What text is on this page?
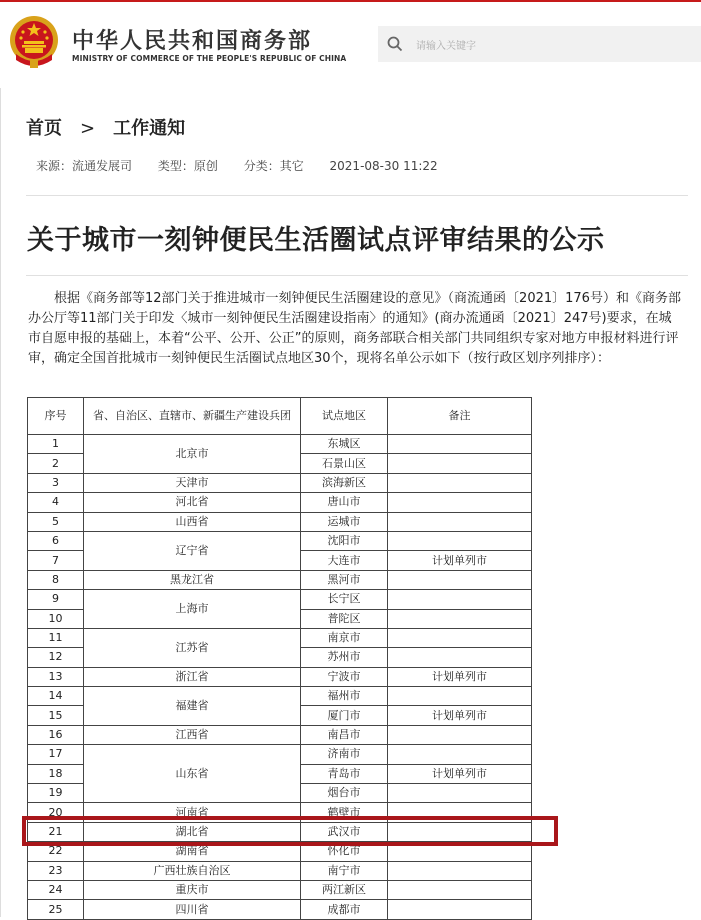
中华人民共和国商务部
MINISTRY OF COMMERCE OF THE PEOPLE'S REPUBLIC OF CHINA
请输入关键字
首页 > 工作通知
来源：流通发展司 类型：原创 分类：其它 2021-08-30 11:22
关于城市一刻钟便民生活圈试点评审结果的公示
根据《商务部等12部门关于推进城市一刻钟便民生活圈建设的意见》（商流通函〔2021〕176号）和《商务部办公厅等11部门关于印发〈城市一刻钟便民生活圈建设指南〉的通知》(商办流通函〔2021〕247号)要求，在城市自愿申报的基础上，本着“公平、公开、公正”的原则，商务部联合相关部门共同组织专家对地方申报材料进行评审，确定全国首批城市一刻钟便民生活圈试点地区30个，现将名单公示如下（按行政区划序列排序）：
序号	省、自治区、直辖市、新疆生产建设兵团	试点地区	备注
1	北京市	东城区	
2		石景山区	
3	天津市	滨海新区	
4	河北省	唐山市	
5	山西省	运城市	
6	辽宁省	沈阳市	
7		大连市	计划单列市
8	黑龙江省	黑河市	
9	上海市	长宁区	
10		普陀区	
11	江苏省	南京市	
12		苏州市	
13	浙江省	宁波市	计划单列市
14	福建省	福州市	
15		厦门市	计划单列市
16	江西省	南昌市	
17	山东省	济南市	
18		青岛市	计划单列市
19		烟台市	
20	河南省	鹤壁市	
21	湖北省	武汉市	
22	湖南省	怀化市	
23	广西壮族自治区	南宁市	
24	重庆市	两江新区	
25	四川省	成都市	
